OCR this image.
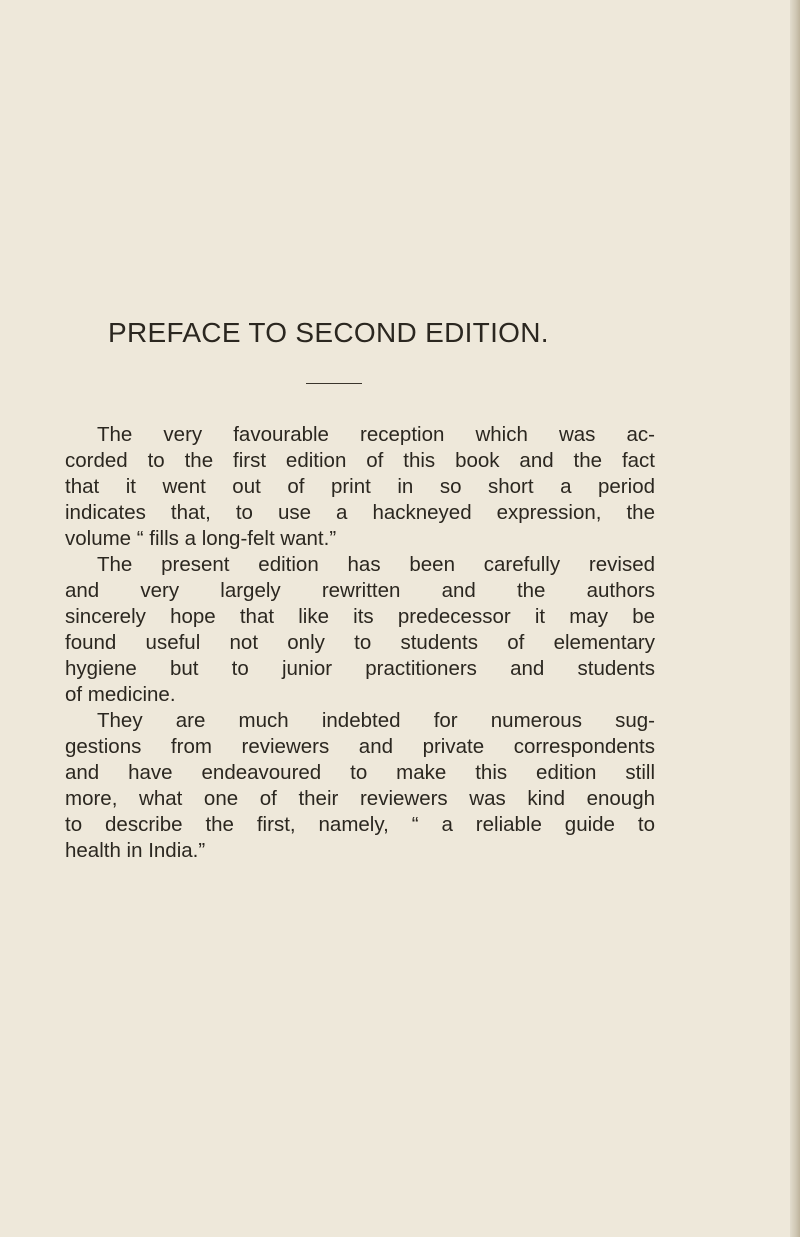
PREFACE TO SECOND EDITION.
The very favourable reception which was ac-
corded to the first edition of this book and the fact
that it went out of print in so short a period
indicates that, to use a hackneyed expression, the
volume “ fills a long-felt want.”
The present edition has been carefully revised
and very largely rewritten and the authors
sincerely hope that like its predecessor it may be
found useful not only to students of elementary
hygiene but to junior practitioners and students
of medicine.
They are much indebted for numerous sug-
gestions from reviewers and private correspondents
and have endeavoured to make this edition still
more, what one of their reviewers was kind enough
to describe the first, namely, “ a reliable guide to
health in India.”
